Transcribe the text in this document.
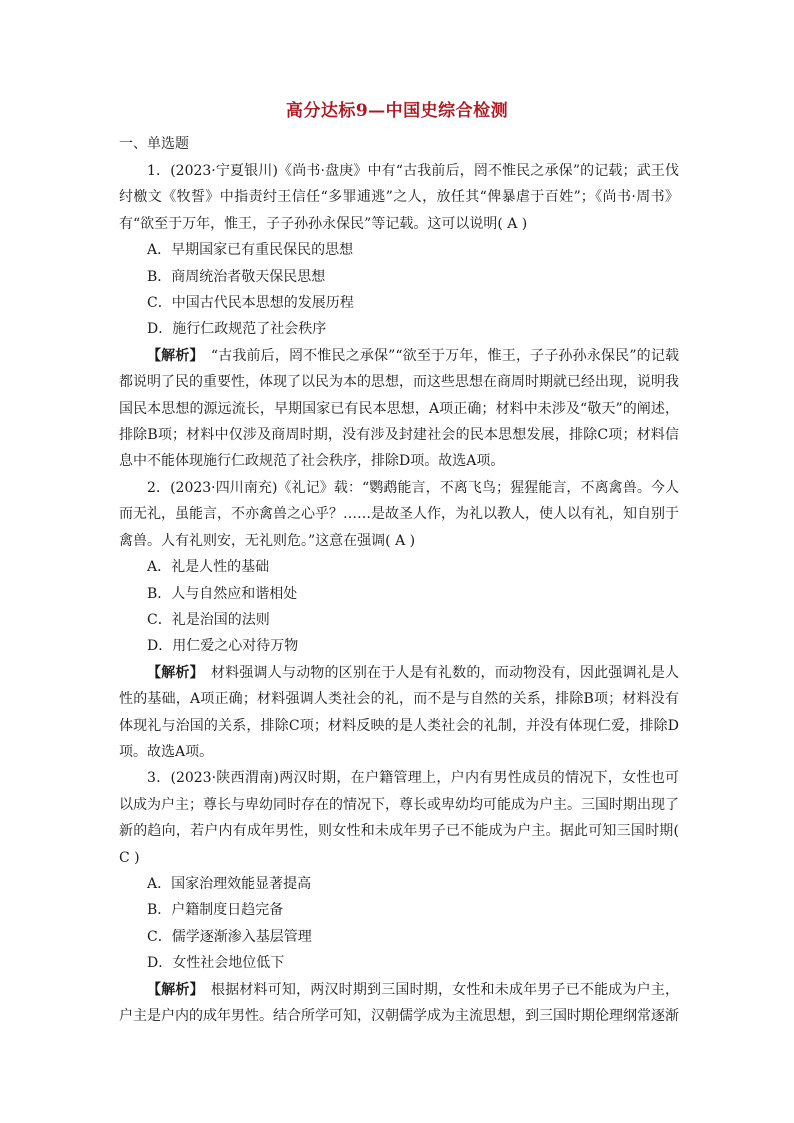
高分达标9—中国史综合检测
一、单选题

1．(2023·宁夏银川)《尚书·盘庚》中有“古我前后，罔不惟民之承保”的记载；武王伐纣檄文《牧誓》中指责纣王信任“多罪逋逃”之人，放任其“俾暴虐于百姓”；《尚书·周书》有“欲至于万年，惟王，子子孙孙永保民”等记载。这可以说明( A )

A．早期国家已有重民保民的思想

B．商周统治者敬天保民思想

C．中国古代民本思想的发展历程

D．施行仁政规范了社会秩序

【解析】　 “古我前后，罔不惟民之承保”“欲至于万年，惟王，子子孙孙永保民”的记载都说明了民的重要性，体现了以民为本的思想，而这些思想在商周时期就已经出现，说明我国民本思想的源远流长，早期国家已有民本思想，A项正确；材料中未涉及“敬天”的阐述，排除B项；材料中仅涉及商周时期，没有涉及封建社会的民本思想发展，排除C项；材料信息中不能体现施行仁政规范了社会秩序，排除D项。故选A项。

2．(2023·四川南充)《礼记》载：“鹦鹉能言，不离飞鸟；猩猩能言，不离禽兽。今人而无礼，虽能言，不亦禽兽之心乎？……是故圣人作，为礼以教人，使人以有礼，知自别于禽兽。人有礼则安，无礼则危。”这意在强调( A )

A．礼是人性的基础

B．人与自然应和谐相处

C．礼是治国的法则

D．用仁爱之心对待万物

【解析】　 材料强调人与动物的区别在于人是有礼数的，而动物没有，因此强调礼是人性的基础，A项正确；材料强调人类社会的礼，而不是与自然的关系，排除B项；材料没有体现礼与治国的关系，排除C项；材料反映的是人类社会的礼制，并没有体现仁爱，排除D项。故选A项。

3．(2023·陕西渭南)两汉时期，在户籍管理上，户内有男性成员的情况下，女性也可以成为户主；尊长与卑幼同时存在的情况下，尊长或卑幼均可能成为户主。三国时期出现了新的趋向，若户内有成年男性，则女性和未成年男子已不能成为户主。据此可知三国时期( C )

A．国家治理效能显著提高

B．户籍制度日趋完备

C．儒学逐渐渗入基层管理

D．女性社会地位低下

【解析】　 根据材料可知，两汉时期到三国时期，女性和未成年男子已不能成为户主，户主是户内的成年男性。结合所学可知，汉朝儒学成为主流思想，到三国时期伦理纲常逐渐
